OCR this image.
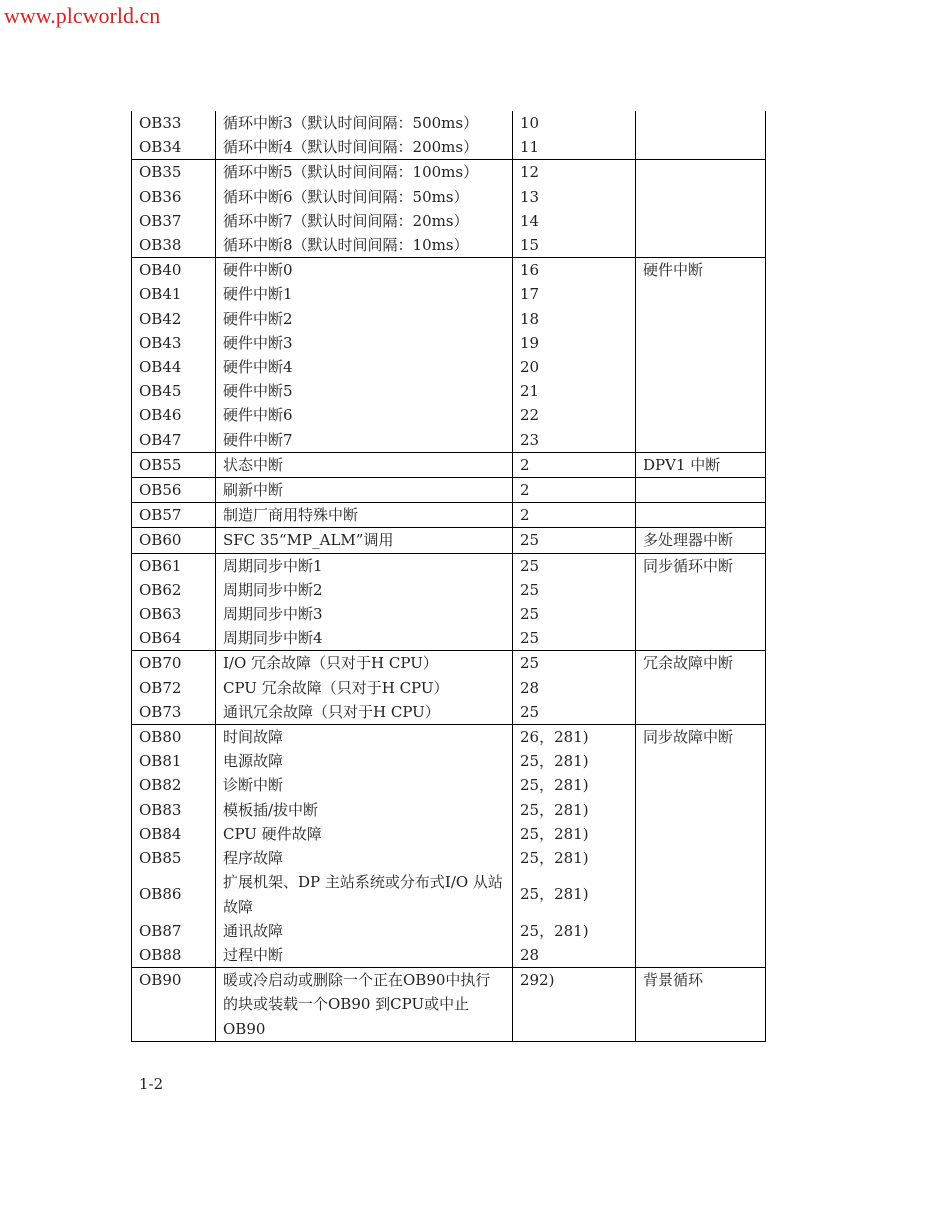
www.plcworld.cn
OB33	循环中断3（默认时间间隔：500ms）	10	
OB34	循环中断4（默认时间间隔：200ms）	11	
OB35	循环中断5（默认时间间隔：100ms）	12	
OB36	循环中断6（默认时间间隔：50ms）	13	
OB37	循环中断7（默认时间间隔：20ms）	14	
OB38	循环中断8（默认时间间隔：10ms）	15	
OB40	硬件中断0	16	硬件中断
OB41	硬件中断1	17	
OB42	硬件中断2	18	
OB43	硬件中断3	19	
OB44	硬件中断4	20	
OB45	硬件中断5	21	
OB46	硬件中断6	22	
OB47	硬件中断7	23	
OB55	状态中断	2	DPV1 中断
OB56	刷新中断	2	
OB57	制造厂商用特殊中断	2	
OB60	SFC 35“MP_ALM”调用	25	多处理器中断
OB61	周期同步中断1	25	同步循环中断
OB62	周期同步中断2	25	
OB63	周期同步中断3	25	
OB64	周期同步中断4	25	
OB70	I/O 冗余故障（只对于H CPU）	25	冗余故障中断
OB72	CPU 冗余故障（只对于H CPU）	28	
OB73	通讯冗余故障（只对于H CPU）	25	
OB80	时间故障	26，281)	同步故障中断
OB81	电源故障	25，281)	
OB82	诊断中断	25，281)	
OB83	模板插/拔中断	25，281)	
OB84	CPU 硬件故障	25，281)	
OB85	程序故障	25，281)	
OB86	扩展机架、DP 主站系统或分布式I/O 从站故障	25，281)	
OB87	通讯故障	25，281)	
OB88	过程中断	28	
OB90	暖或冷启动或删除一个正在OB90中执行的块或装载一个OB90 到CPU或中止OB90	292)	背景循环
1-2
